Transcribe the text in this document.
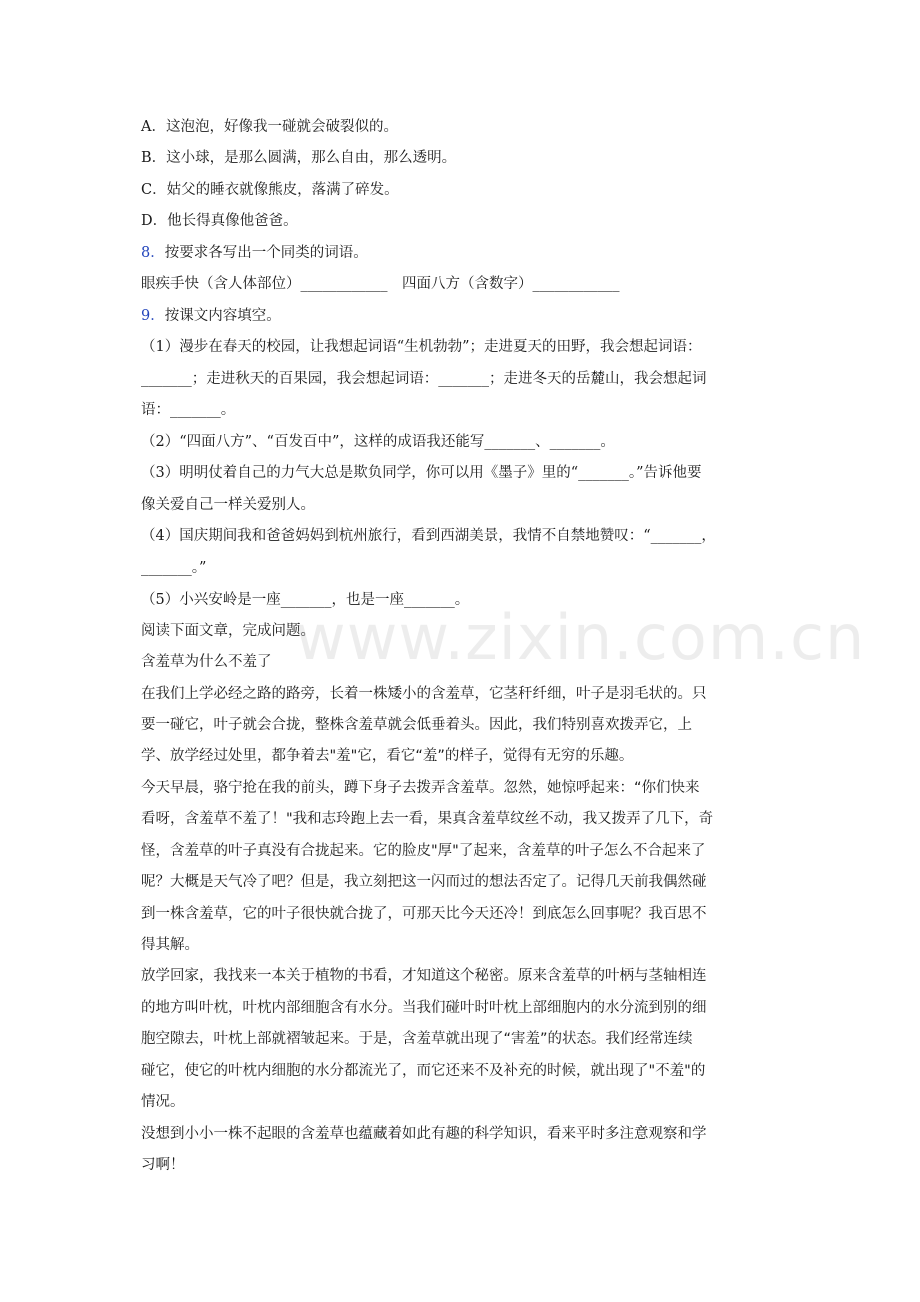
www.zixin.com.cn

A．这泡泡，好像我一碰就会破裂似的。

B．这小球，是那么圆满，那么自由，那么透明。

C．姑父的睡衣就像熊皮，落满了碎发。

D．他长得真像他爸爸。

8．按要求各写出一个同类的词语。

眼疾手快（含人体部位）____________　四面八方（含数字）____________

9．按课文内容填空。

（1）漫步在春天的校园，让我想起词语“生机勃勃”；走进夏天的田野，我会想起词语：

_______；走进秋天的百果园，我会想起词语：_______；走进冬天的岳麓山，我会想起词

语：_______。

（2）“四面八方”、“百发百中”，这样的成语我还能写_______、_______。

（3）明明仗着自己的力气大总是欺负同学，你可以用《墨子》里的“_______。”告诉他要

像关爱自己一样关爱别人。

（4）国庆期间我和爸爸妈妈到杭州旅行，看到西湖美景，我情不自禁地赞叹：“_______，

_______。”

（5）小兴安岭是一座_______，也是一座_______。

阅读下面文章，完成问题。

含羞草为什么不羞了

在我们上学必经之路的路旁，长着一株矮小的含羞草，它茎秆纤细，叶子是羽毛状的。只

要一碰它，叶子就会合拢，整株含羞草就会低垂着头。因此，我们特别喜欢拨弄它，上

学、放学经过处里，都争着去"羞"它，看它“羞”的样子，觉得有无穷的乐趣。

今天早晨，骆宁抢在我的前头，蹲下身子去拨弄含羞草。忽然，她惊呼起来：“你们快来

看呀，含羞草不羞了！"我和志玲跑上去一看，果真含羞草纹丝不动，我又拨弄了几下，奇

怪，含羞草的叶子真没有合拢起来。它的脸皮"厚"了起来，含羞草的叶子怎么不合起来了

呢？大概是天气冷了吧？但是，我立刻把这一闪而过的想法否定了。记得几天前我偶然碰

到一株含羞草，它的叶子很快就合拢了，可那天比今天还冷！到底怎么回事呢？我百思不

得其解。

放学回家，我找来一本关于植物的书看，才知道这个秘密。原来含羞草的叶柄与茎轴相连

的地方叫叶枕，叶枕内部细胞含有水分。当我们碰叶时叶枕上部细胞内的水分流到别的细

胞空隙去，叶枕上部就褶皱起来。于是，含羞草就出现了“害羞”的状态。我们经常连续

碰它，使它的叶枕内细胞的水分都流光了，而它还来不及补充的时候，就出现了"不羞"的

情况。

没想到小小一株不起眼的含羞草也蕴藏着如此有趣的科学知识，看来平时多注意观察和学

习啊！
